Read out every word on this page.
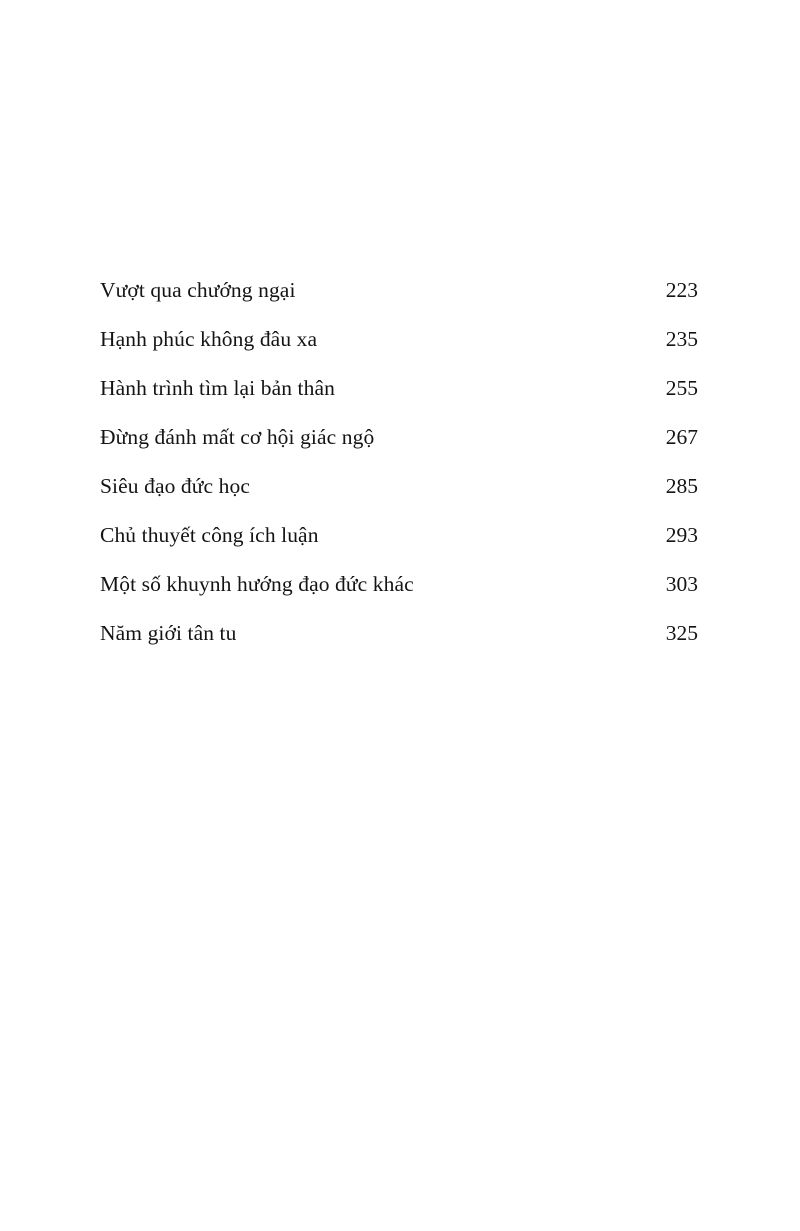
Vượt qua chướng ngại	223
Hạnh phúc không đâu xa	235
Hành trình tìm lại bản thân	255
Đừng đánh mất cơ hội giác ngộ	267
Siêu đạo đức học	285
Chủ thuyết công ích luận	293
Một số khuynh hướng đạo đức khác	303
Năm giới tân tu	325
